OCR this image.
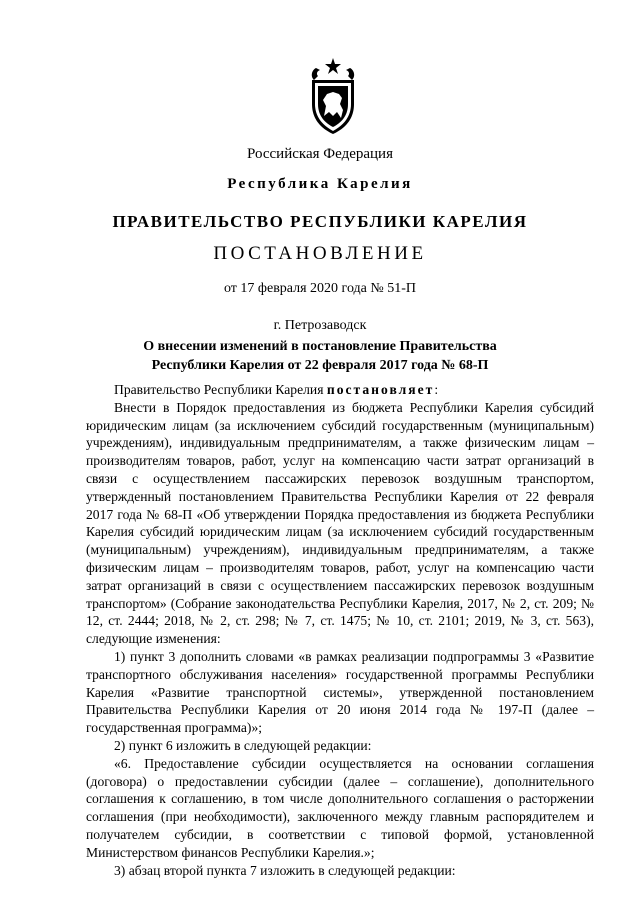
Российская Федерация
Республика Карелия
ПРАВИТЕЛЬСТВО РЕСПУБЛИКИ КАРЕЛИЯ
ПОСТАНОВЛЕНИЕ
от 17 февраля 2020 года № 51-П
г. Петрозаводск
О внесении изменений в постановление Правительства
Республики Карелия от 22 февраля 2017 года № 68-П

Правительство Республики Карелия постановляет:

Внести в Порядок предоставления из бюджета Республики Карелия субсидий юридическим лицам (за исключением субсидий государственным (муниципальным) учреждениям), индивидуальным предпринимателям, а также физическим лицам – производителям товаров, работ, услуг на компенсацию части затрат организаций в связи с осуществлением пассажирских перевозок воздушным транспортом, утвержденный постановлением Правительства Республики Карелия от 22 февраля 2017 года № 68-П «Об утверждении Порядка предоставления из бюджета Республики Карелия субсидий юридическим лицам (за исключением субсидий государственным (муниципальным) учреждениям), индивидуальным предпринимателям, а также физическим лицам – производителям товаров, работ, услуг на компенсацию части затрат организаций в связи с осуществлением пассажирских перевозок воздушным транспортом» (Собрание законодательства Республики Карелия, 2017, № 2, ст. 209; № 12, ст. 2444; 2018, № 2, ст. 298; № 7, ст. 1475; № 10, ст. 2101; 2019, № 3, ст. 563), следующие изменения:

1) пункт 3 дополнить словами «в рамках реализации подпрограммы 3 «Развитие транспортного обслуживания населения» государственной программы Республики Карелия «Развитие транспортной системы», утвержденной постановлением Правительства Республики Карелия от 20 июня 2014 года № 197-П (далее – государственная программа)»;

2) пункт 6 изложить в следующей редакции:

«6. Предоставление субсидии осуществляется на основании соглашения (договора) о предоставлении субсидии (далее – соглашение), дополнительного соглашения к соглашению, в том числе дополнительного соглашения о расторжении соглашения (при необходимости), заключенного между главным распорядителем и получателем субсидии, в соответствии с типовой формой, установленной Министерством финансов Республики Карелия.»;

3) абзац второй пункта 7 изложить в следующей редакции:
